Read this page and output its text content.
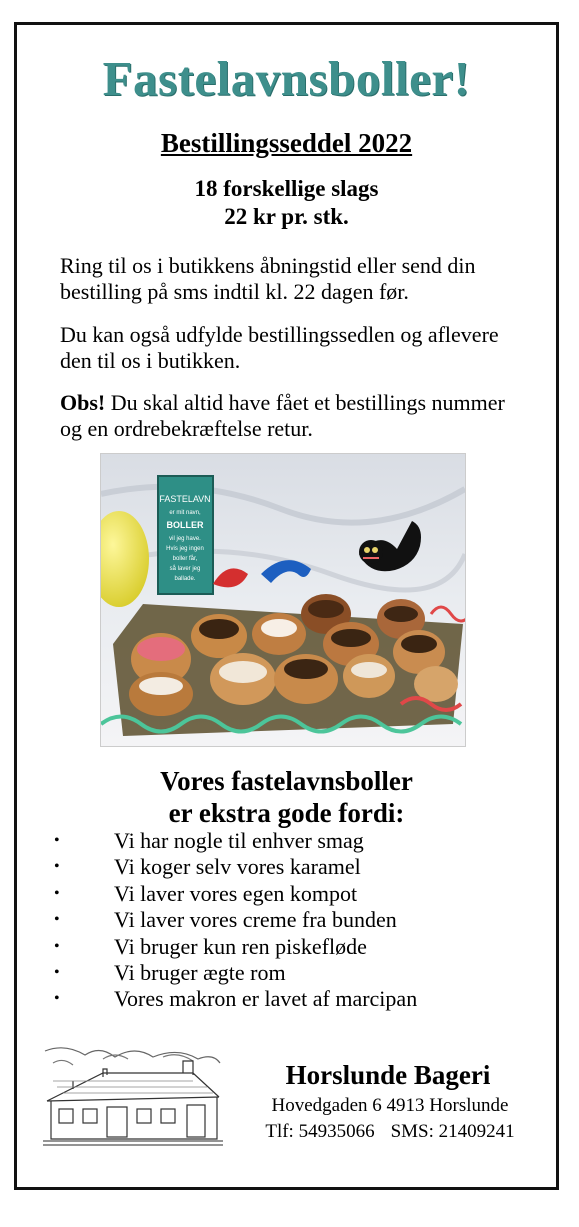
Fastelavnsboller!
Bestillingsseddel 2022
18 forskellige slags
22 kr pr. stk.
Ring til os i butikkens åbningstid eller send din bestilling på sms indtil kl. 22 dagen før.
Du kan også udfylde bestillingssedlen og aflevere den til os i butikken.
Obs! Du skal altid have fået et bestillings nummer og en ordrebekræftelse retur.
FASTELAVN
er mit navn,
BOLLER
vil jeg have.
Hvis jeg ingen
boller får,
så laver jeg
ballade.
Vores fastelavnsboller
er ekstra gode fordi:
•	Vi har nogle til enhver smag
•	Vi koger selv vores karamel
•	Vi laver vores egen kompot
•	Vi laver vores creme fra bunden
•	Vi bruger kun ren piskefløde
•	Vi bruger ægte rom
•	Vores makron er lavet af marcipan
Horslunde Bageri
Hovedgaden 6 4913 Horslunde
Tlf: 54935066 SMS: 21409241
